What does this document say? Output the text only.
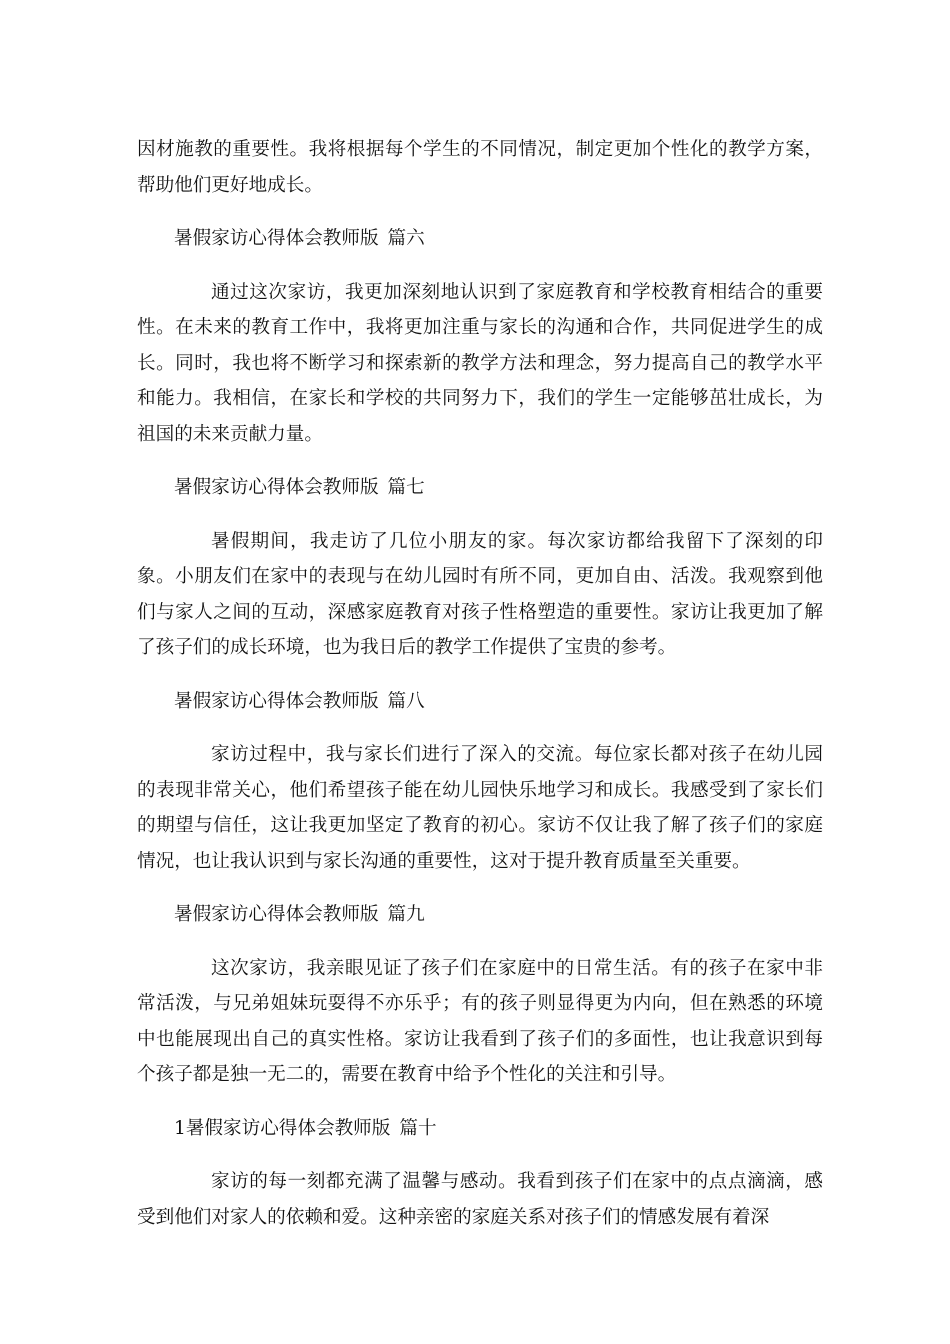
因材施教的重要性。我将根据每个学生的不同情况，制定更加个性化的教学方案，帮助他们更好地成长。

暑假家访心得体会教师版 篇六

通过这次家访，我更加深刻地认识到了家庭教育和学校教育相结合的重要性。在未来的教育工作中，我将更加注重与家长的沟通和合作，共同促进学生的成长。同时，我也将不断学习和探索新的教学方法和理念，努力提高自己的教学水平和能力。我相信，在家长和学校的共同努力下，我们的学生一定能够茁壮成长，为祖国的未来贡献力量。

暑假家访心得体会教师版 篇七

暑假期间，我走访了几位小朋友的家。每次家访都给我留下了深刻的印象。小朋友们在家中的表现与在幼儿园时有所不同，更加自由、活泼。我观察到他们与家人之间的互动，深感家庭教育对孩子性格塑造的重要性。家访让我更加了解了孩子们的成长环境，也为我日后的教学工作提供了宝贵的参考。

暑假家访心得体会教师版 篇八

家访过程中，我与家长们进行了深入的交流。每位家长都对孩子在幼儿园的表现非常关心，他们希望孩子能在幼儿园快乐地学习和成长。我感受到了家长们的期望与信任，这让我更加坚定了教育的初心。家访不仅让我了解了孩子们的家庭情况，也让我认识到与家长沟通的重要性，这对于提升教育质量至关重要。

暑假家访心得体会教师版 篇九

这次家访，我亲眼见证了孩子们在家庭中的日常生活。有的孩子在家中非常活泼，与兄弟姐妹玩耍得不亦乐乎；有的孩子则显得更为内向，但在熟悉的环境中也能展现出自己的真实性格。家访让我看到了孩子们的多面性，也让我意识到每个孩子都是独一无二的，需要在教育中给予个性化的关注和引导。

1暑假家访心得体会教师版 篇十

家访的每一刻都充满了温馨与感动。我看到孩子们在家中的点点滴滴，感受到他们对家人的依赖和爱。这种亲密的家庭关系对孩子们的情感发展有着深
